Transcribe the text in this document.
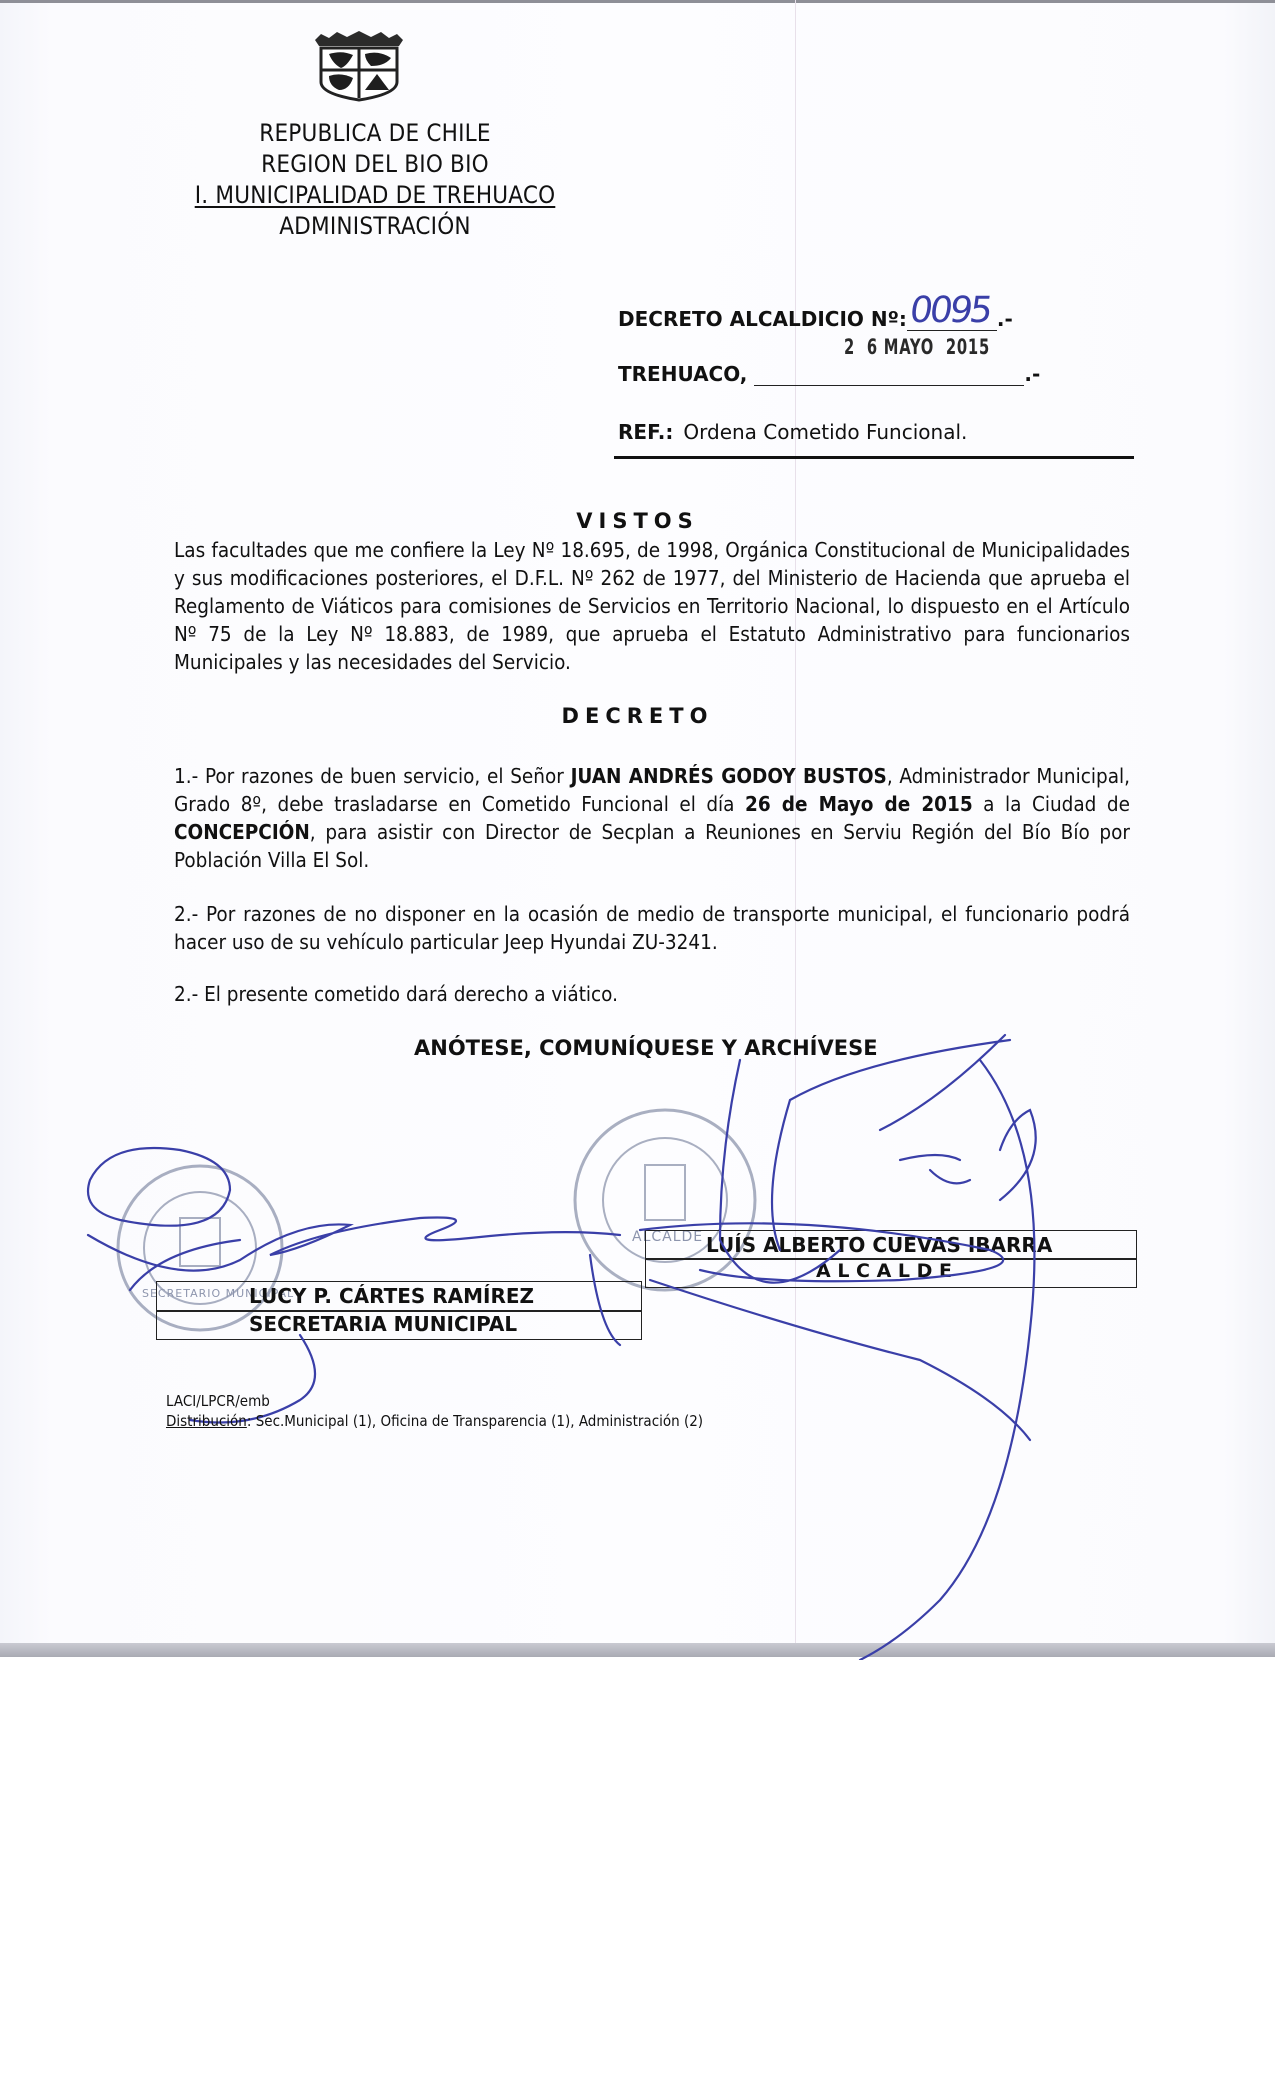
REPUBLICA DE CHILE
REGION DEL BIO BIO
I. MUNICIPALIDAD DE TREHUACO
ADMINISTRACIÓN
DECRETO ALCALDICIO Nº: 0095 .-
TREHUACO,
2  6 MAYO  2015
.-
REF.: Ordena Cometido Funcional.
VISTOS
Las facultades que me confiere la Ley Nº 18.695, de 1998, Orgánica Constitucional de Municipalidades y sus modificaciones posteriores, el D.F.L. Nº 262 de 1977, del Ministerio de Hacienda que aprueba el Reglamento de Viáticos para comisiones de Servicios en Territorio Nacional, lo dispuesto en el Artículo Nº 75 de la Ley Nº 18.883, de 1989, que aprueba el Estatuto Administrativo para funcionarios Municipales y las necesidades del Servicio.
DECRETO
1.- Por razones de buen servicio, el Señor JUAN ANDRÉS GODOY BUSTOS, Administrador Municipal, Grado 8º, debe trasladarse en Cometido Funcional el día 26 de Mayo de 2015 a la Ciudad de CONCEPCIÓN, para asistir con Director de Secplan a Reuniones en Serviu Región del Bío Bío por Población Villa El Sol.
2.- Por razones de no disponer en la ocasión de medio de transporte municipal, el funcionario podrá hacer uso de su vehículo particular Jeep Hyundai ZU-3241.
2.- El presente cometido dará derecho a viático.
ANÓTESE, COMUNÍQUESE Y ARCHÍVESE
SECRETARIO MUNICIPAL
ALCALDE LUÍS ALBERTO CUEVAS IBARRA
A L C A L D E
LUCY P. CÁRTES RAMÍREZ
SECRETARIA MUNICIPAL
LACI/LPCR/emb
Distribución: Sec.Municipal (1), Oficina de Transparencia (1), Administración (2)
